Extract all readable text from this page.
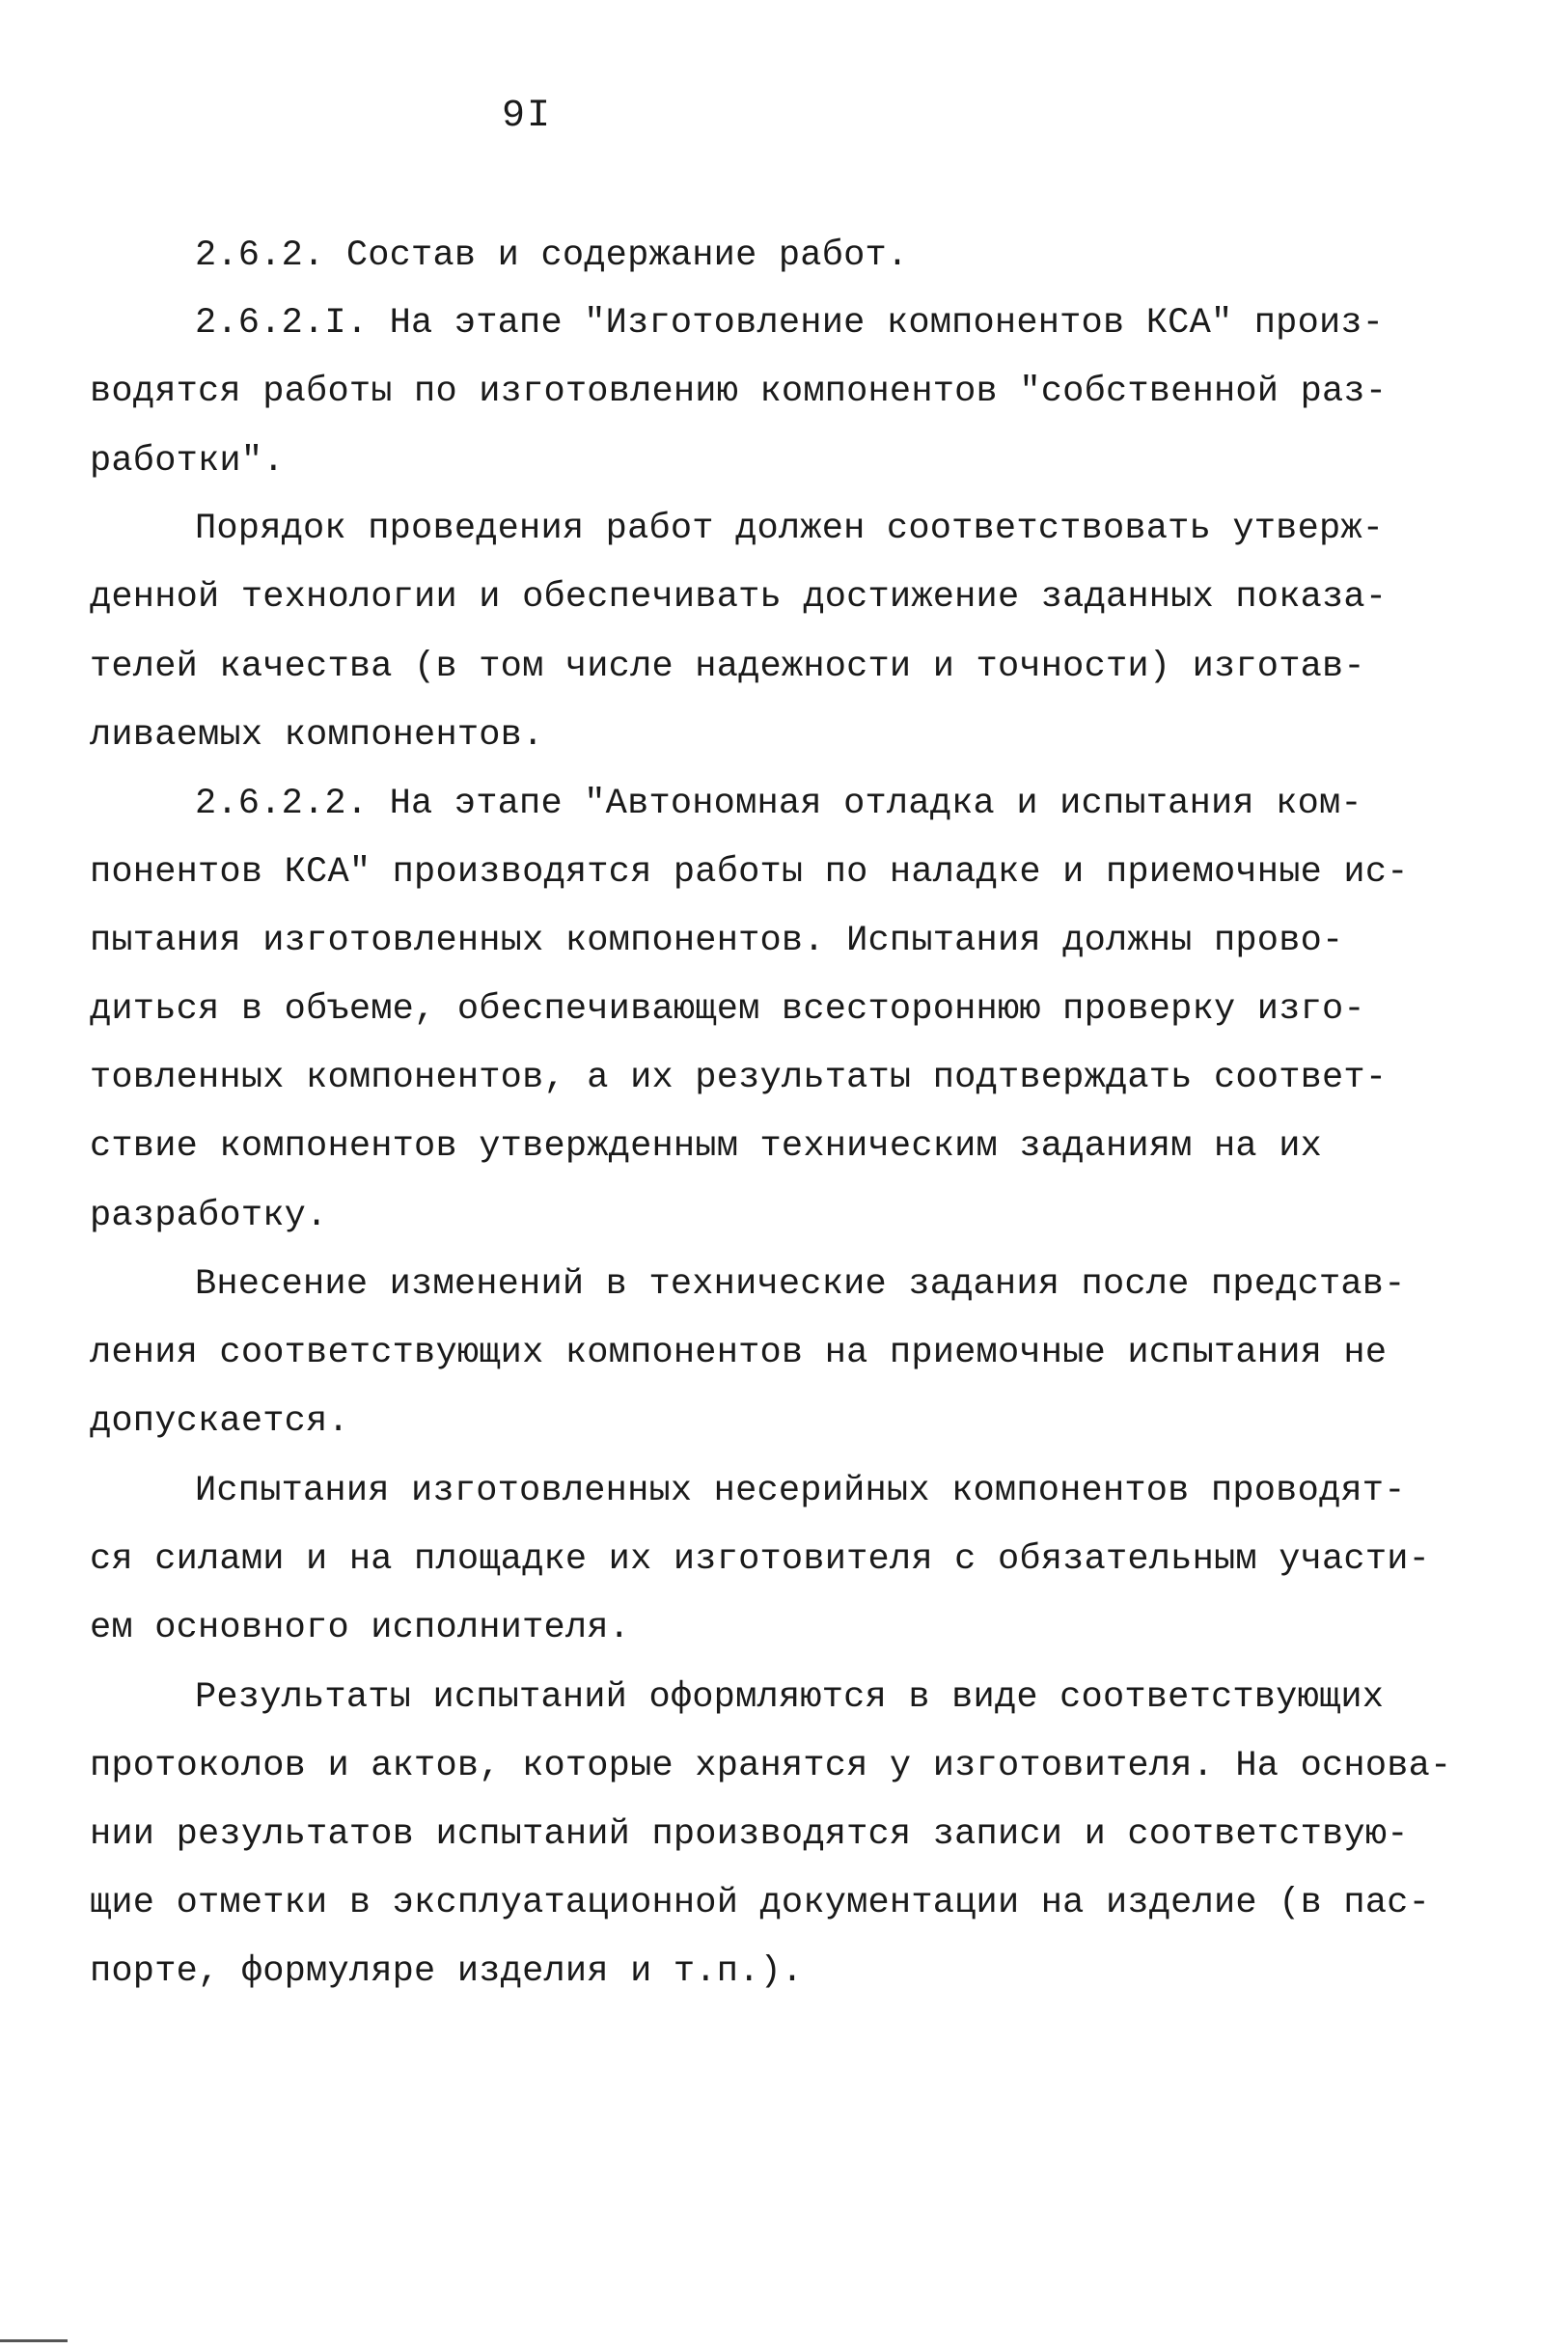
9I
2.6.2. Состав и содержание работ.
2.6.2.I. На этапе "Изготовление компонентов КСА" произ-
водятся работы по изготовлению компонентов "собственной раз-
работки".
Порядок проведения работ должен соответствовать утверж-
денной технологии и обеспечивать достижение заданных показа-
телей качества (в том числе надежности и точности) изготав-
ливаемых компонентов.
2.6.2.2. На этапе "Автономная отладка и испытания ком-
понентов КСА" производятся работы по наладке и приемочные ис-
пытания изготовленных компонентов. Испытания должны прово-
диться в объеме, обеспечивающем всестороннюю проверку изго-
товленных компонентов, а их результаты подтверждать соответ-
ствие компонентов утвержденным техническим заданиям на их
разработку.
Внесение изменений в технические задания после представ-
ления соответствующих компонентов на приемочные испытания не
допускается.
Испытания изготовленных несерийных компонентов проводят-
ся силами и на площадке их изготовителя с обязательным участи-
ем основного исполнителя.
Результаты испытаний оформляются в виде соответствующих
протоколов и актов, которые хранятся у изготовителя. На основа-
нии результатов испытаний производятся записи и соответствую-
щие отметки в эксплуатационной документации на изделие (в пас-
порте, формуляре изделия и т.п.).
